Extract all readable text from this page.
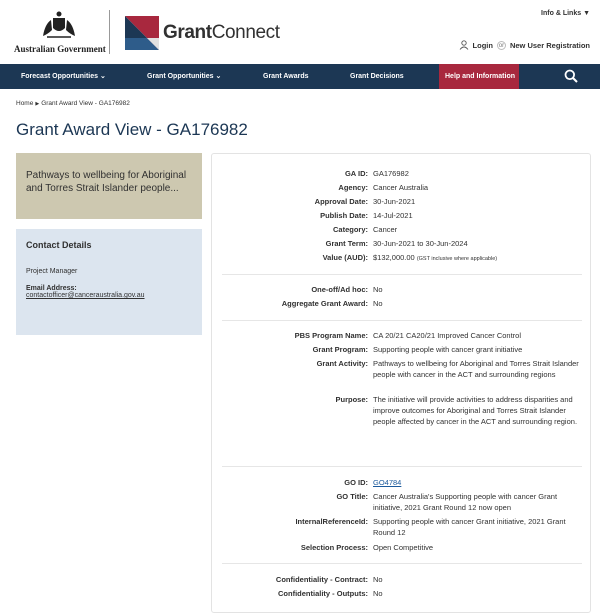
Australian Government
GrantConnect
Info & Links ▼
Login or New User Registration
Forecast Opportunities ⌄	Grant Opportunities ⌄	Grant Awards	Grant Decisions	Help and Information
Home ▶ Grant Award View - GA176982
Grant Award View - GA176982
Pathways to wellbeing for Aboriginal and Torres Strait Islander people...
Contact Details
Project Manager
Email Address:
contactofficer@canceraustralia.gov.au
GA ID: GA176982
Agency: Cancer Australia
Approval Date: 30-Jun-2021
Publish Date: 14-Jul-2021
Category: Cancer
Grant Term: 30-Jun-2021 to 30-Jun-2024
Value (AUD): $132,000.00 (GST inclusive where applicable)
One-off/Ad hoc: No
Aggregate Grant Award: No
PBS Program Name: CA 20/21 CA20/21 Improved Cancer Control
Grant Program: Supporting people with cancer grant initiative
Grant Activity: Pathways to wellbeing for Aboriginal and Torres Strait Islander people with cancer in the ACT and surrounding regions
Purpose: The initiative will provide activities to address disparities and improve outcomes for Aboriginal and Torres Strait Islander people affected by cancer in the ACT and surrounding region.
GO ID: GO4784
GO Title: Cancer Australia's Supporting people with cancer Grant initiative, 2021 Grant Round 12 now open
InternalReferenceId: Supporting people with cancer Grant initiative, 2021 Grant Round 12
Selection Process: Open Competitive
Confidentiality - Contract: No
Confidentiality - Outputs: No
